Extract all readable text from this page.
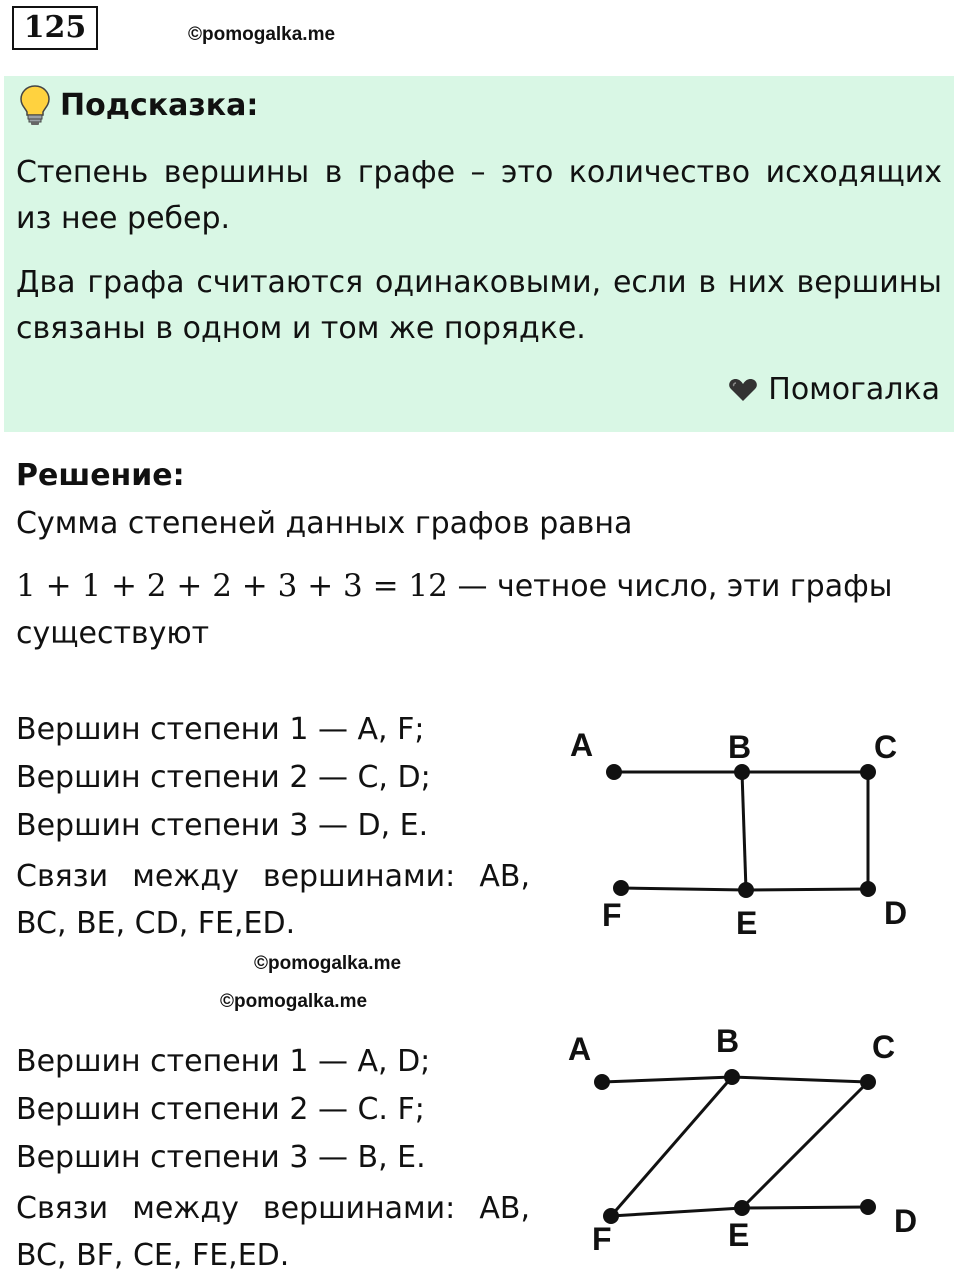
125	©pomogalka.me
Подсказка:

Степень вершины в графе – это количество исходящих из нее ребер.

Два графа считаются одинаковыми, если в них вершины связаны в одном и том же порядке.

Помогалка
Решение:
Сумма степеней данных графов равна
1 + 1 + 2 + 2 + 3 + 3 = 12 — четное число, эти графы
существуют
Вершин степени 1 — A, F;
Вершин степени 2 — C, D;
Вершин степени 3 — D, E.

Связи между вершинами: AB, BC, BE, CD, FE,ED.

A	B	C
D
E
F
©pomogalka.me
©pomogalka.me
Вершин степени 1 — A, D;
Вершин степени 2 — C. F;
Вершин степени 3 — B, E.

Связи между вершинами: AB, BC, BF, CE, FE,ED.

A	B	C
D
E
F
